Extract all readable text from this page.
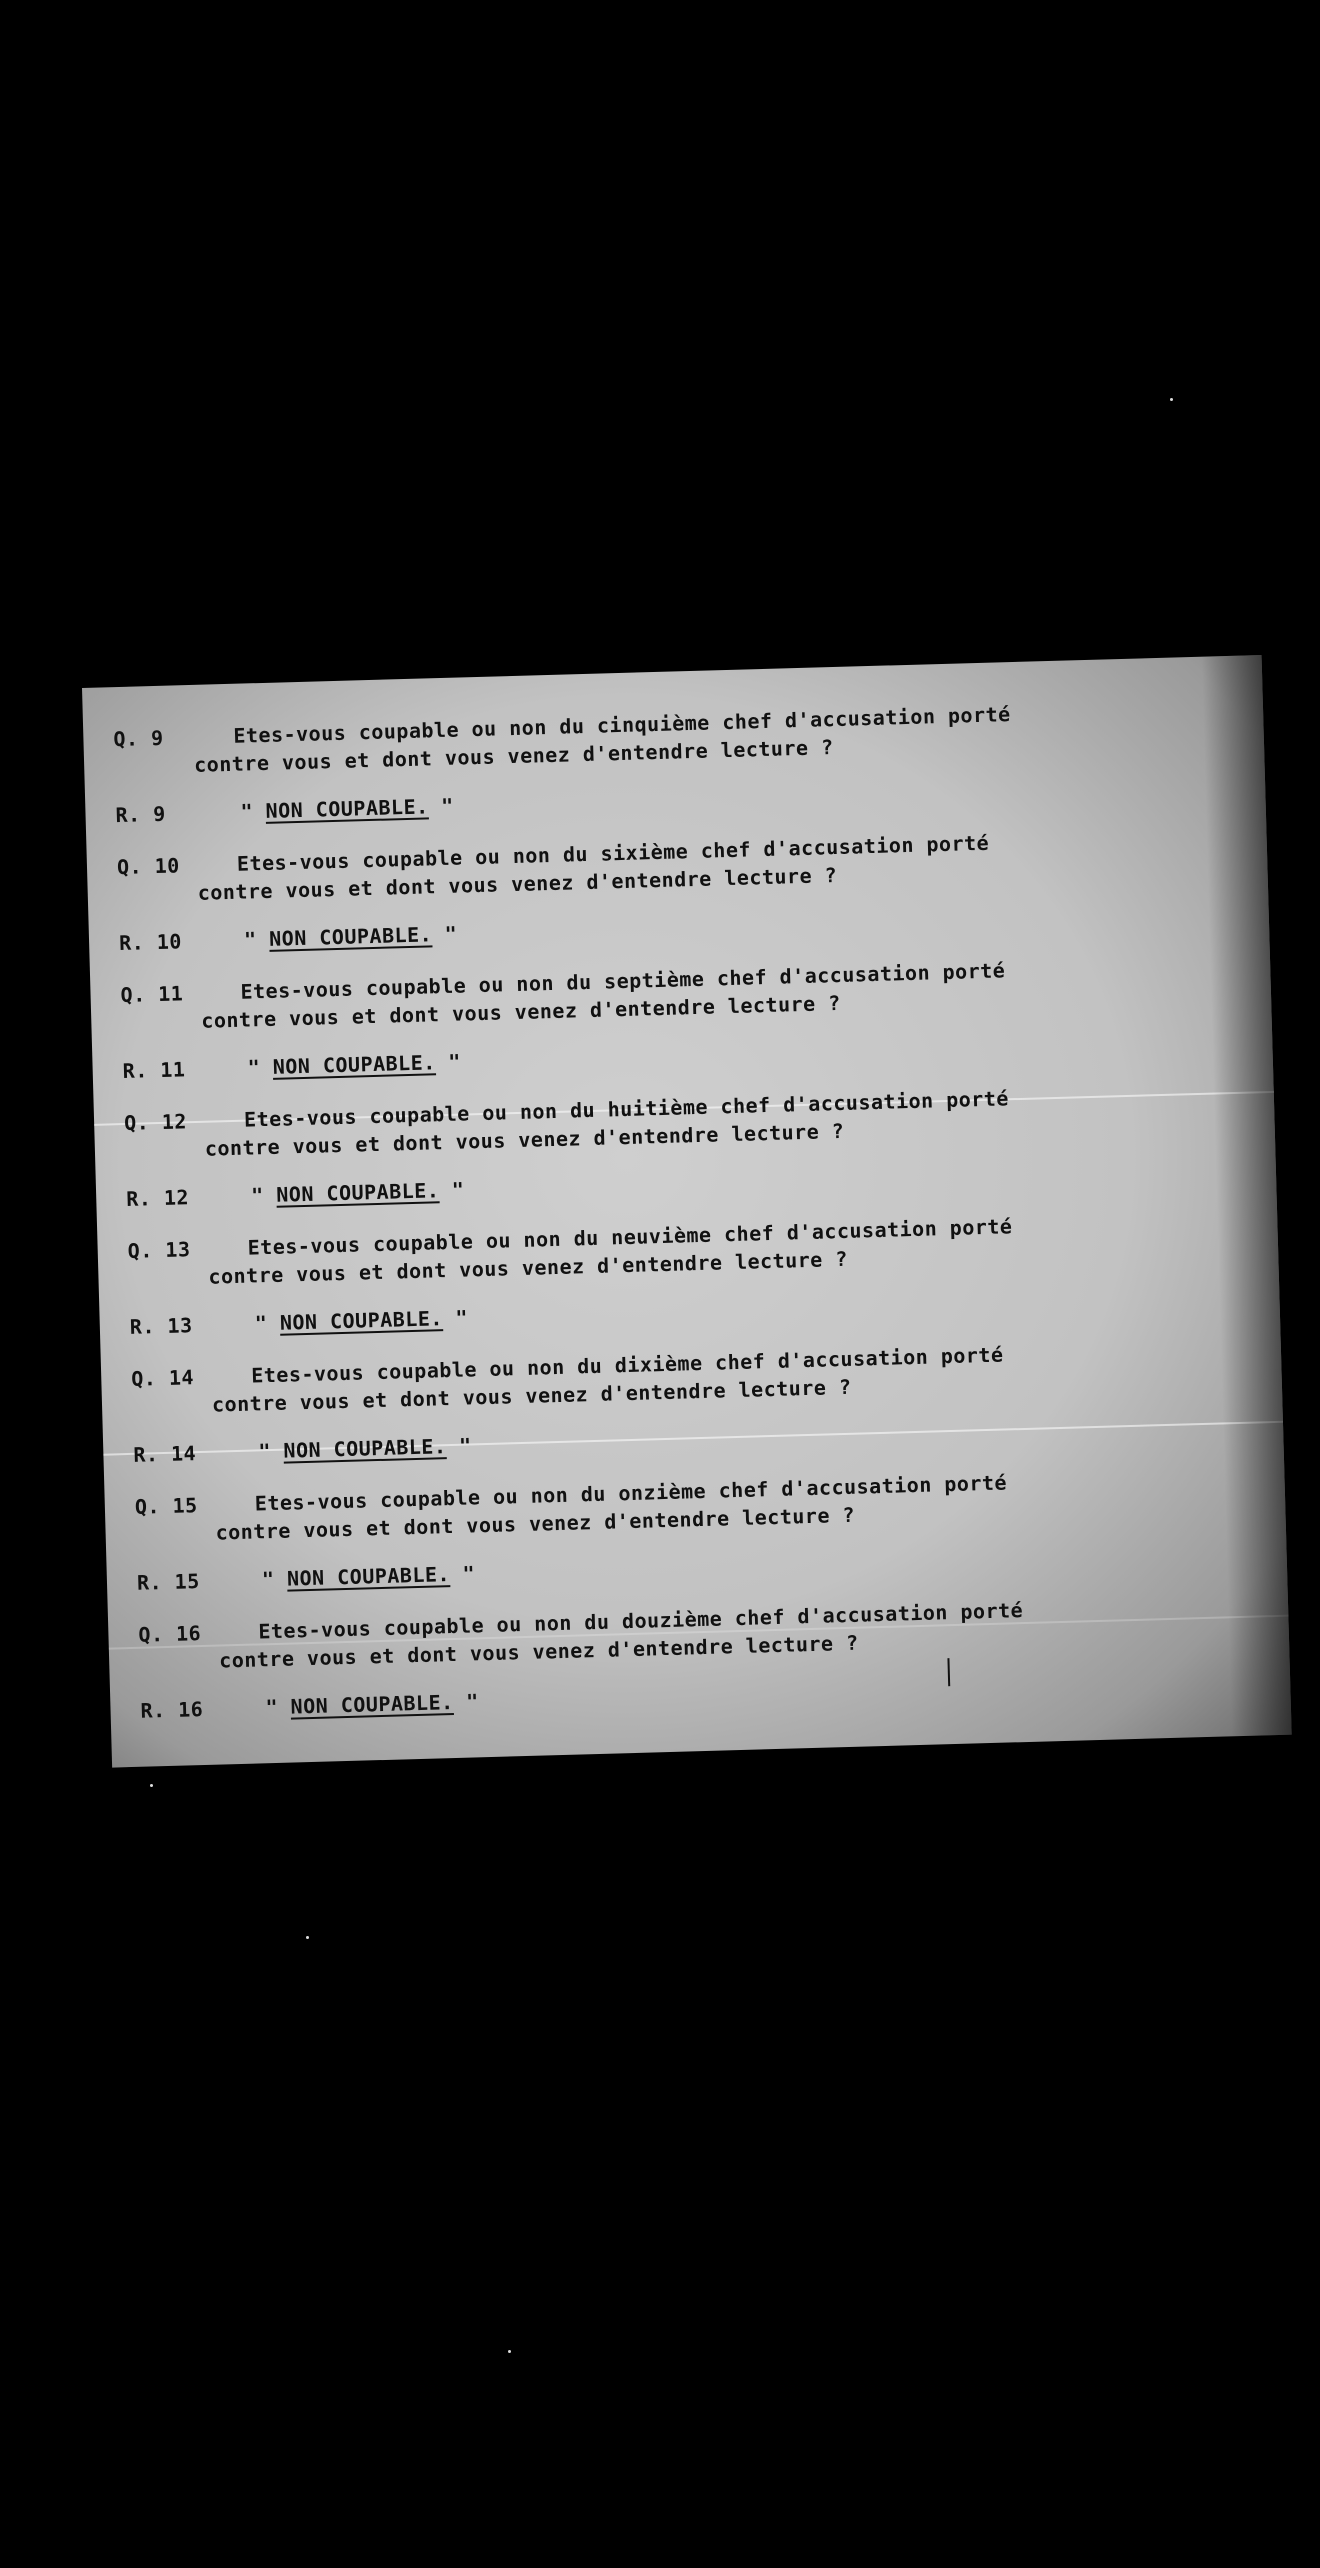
Q. 9	Etes-vous coupable ou non du cinquième chef d'accusation porté
contre vous et dont vous venez d'entendre lecture ?
R. 9	" NON COUPABLE. "
Q. 10	Etes-vous coupable ou non du sixième chef d'accusation porté
contre vous et dont vous venez d'entendre lecture ?
R. 10	" NON COUPABLE. "
Q. 11	Etes-vous coupable ou non du septième chef d'accusation porté
contre vous et dont vous venez d'entendre lecture ?
R. 11	" NON COUPABLE. "
Q. 12	Etes-vous coupable ou non du huitième chef d'accusation porté
contre vous et dont vous venez d'entendre lecture ?
R. 12	" NON COUPABLE. "
Q. 13	Etes-vous coupable ou non du neuvième chef d'accusation porté
contre vous et dont vous venez d'entendre lecture ?
R. 13	" NON COUPABLE. "
Q. 14	Etes-vous coupable ou non du dixième chef d'accusation porté
contre vous et dont vous venez d'entendre lecture ?
R. 14	" NON COUPABLE. "
Q. 15	Etes-vous coupable ou non du onzième chef d'accusation porté
contre vous et dont vous venez d'entendre lecture ?
R. 15	" NON COUPABLE. "
Q. 16	Etes-vous coupable ou non du douzième chef d'accusation porté
contre vous et dont vous venez d'entendre lecture ?
R. 16	" NON COUPABLE. "
